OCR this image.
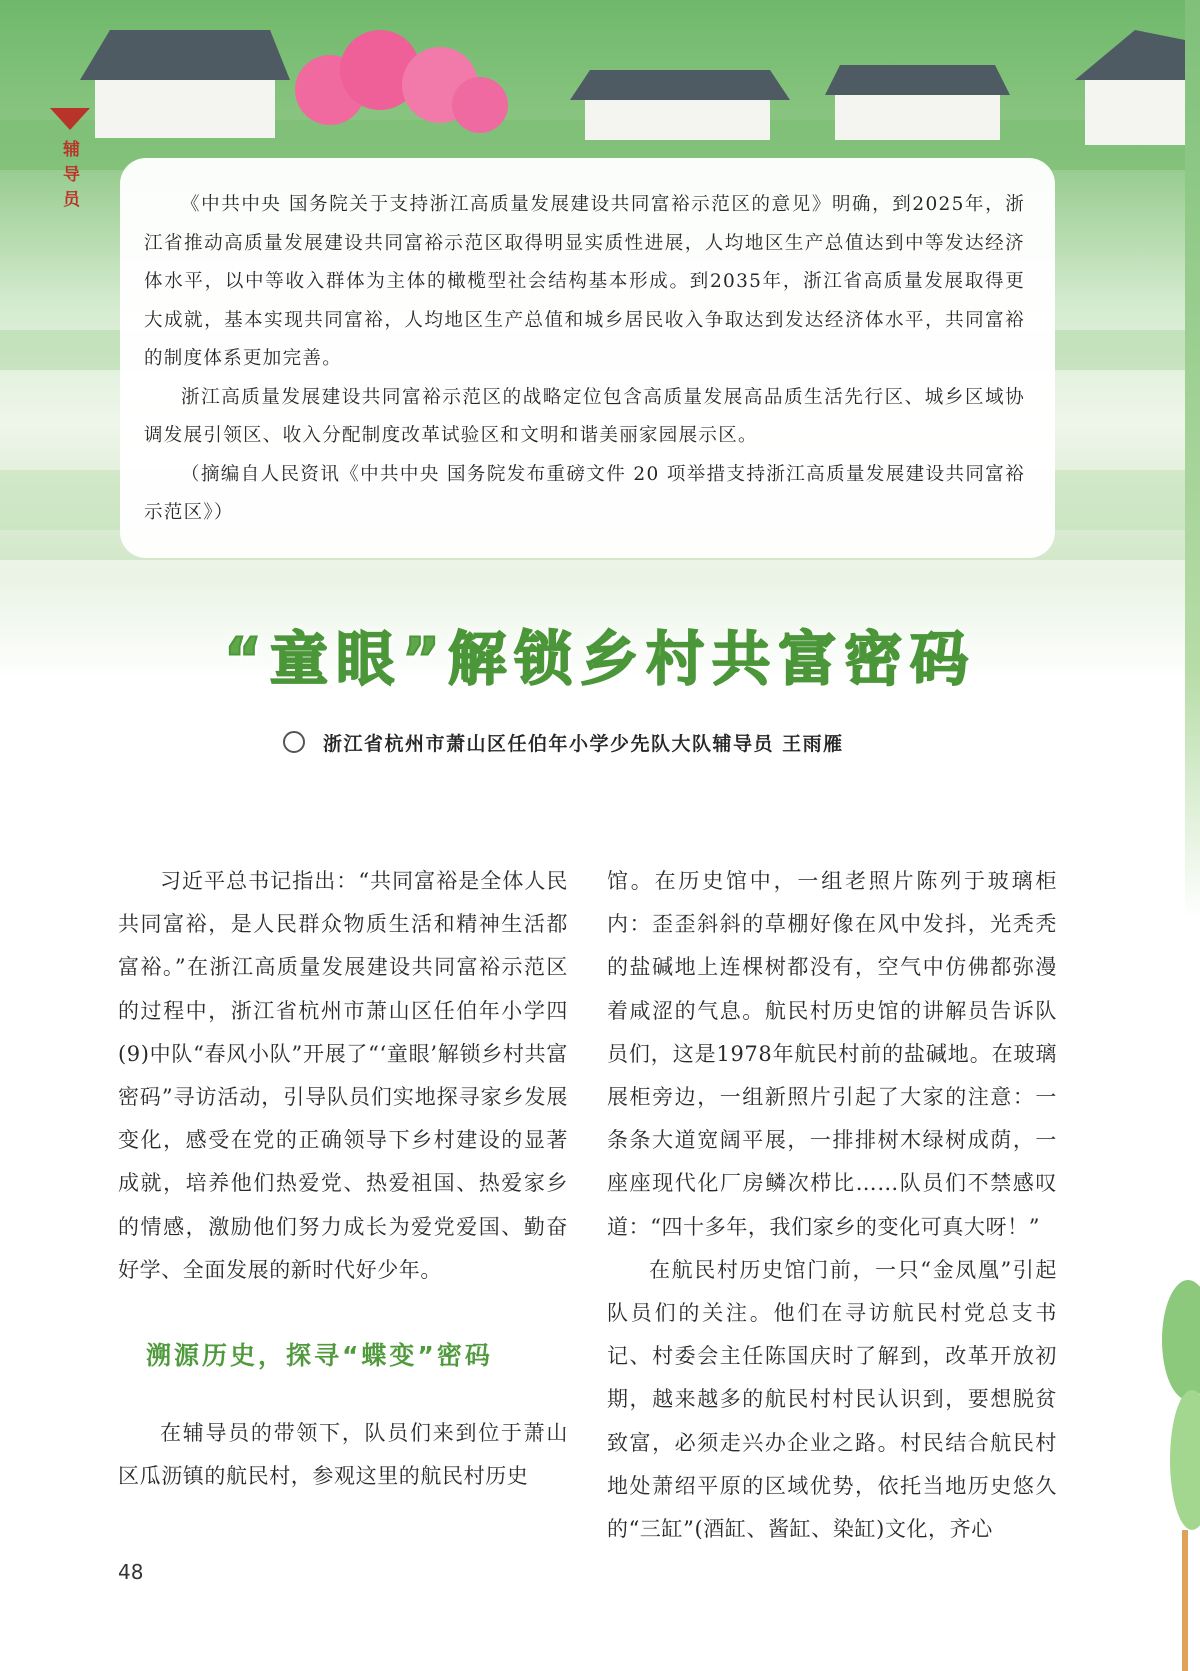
辅导员	《中共中央 国务院关于支持浙江高质量发展建设共同富裕示范区的意见》明确，到2025年，浙江省推动高质量发展建设共同富裕示范区取得明显实质性进展，人均地区生产总值达到中等发达经济体水平，以中等收入群体为主体的橄榄型社会结构基本形成。到2035年，浙江省高质量发展取得更大成就，基本实现共同富裕，人均地区生产总值和城乡居民收入争取达到发达经济体水平，共同富裕的制度体系更加完善。

浙江高质量发展建设共同富裕示范区的战略定位包含高质量发展高品质生活先行区、城乡区域协调发展引领区、收入分配制度改革试验区和文明和谐美丽家园展示区。

（摘编自人民资讯《中共中央 国务院发布重磅文件 20 项举措支持浙江高质量发展建设共同富裕示范区》）

“童眼”解锁乡村共富密码
浙江省杭州市萧山区任伯年小学少先队大队辅导员 王雨雁

习近平总书记指出：“共同富裕是全体人民共同富裕，是人民群众物质生活和精神生活都富裕。”在浙江高质量发展建设共同富裕示范区的过程中，浙江省杭州市萧山区任伯年小学四(9)中队“春风小队”开展了“‘童眼’解锁乡村共富密码”寻访活动，引导队员们实地探寻家乡发展变化，感受在党的正确领导下乡村建设的显著成就，培养他们热爱党、热爱祖国、热爱家乡的情感，激励他们努力成长为爱党爱国、勤奋好学、全面发展的新时代好少年。

溯源历史，探寻“蝶变”密码

在辅导员的带领下，队员们来到位于萧山区瓜沥镇的航民村，参观这里的航民村历史

馆。在历史馆中，一组老照片陈列于玻璃柜内：歪歪斜斜的草棚好像在风中发抖，光秃秃的盐碱地上连棵树都没有，空气中仿佛都弥漫着咸涩的气息。航民村历史馆的讲解员告诉队员们，这是1978年航民村前的盐碱地。在玻璃展柜旁边，一组新照片引起了大家的注意：一条条大道宽阔平展，一排排树木绿树成荫，一座座现代化厂房鳞次栉比……队员们不禁感叹道：“四十多年，我们家乡的变化可真大呀！”

在航民村历史馆门前，一只“金凤凰”引起队员们的关注。他们在寻访航民村党总支书记、村委会主任陈国庆时了解到，改革开放初期，越来越多的航民村村民认识到，要想脱贫致富，必须走兴办企业之路。村民结合航民村地处萧绍平原的区域优势，依托当地历史悠久的“三缸”(酒缸、酱缸、染缸)文化，齐心

48
